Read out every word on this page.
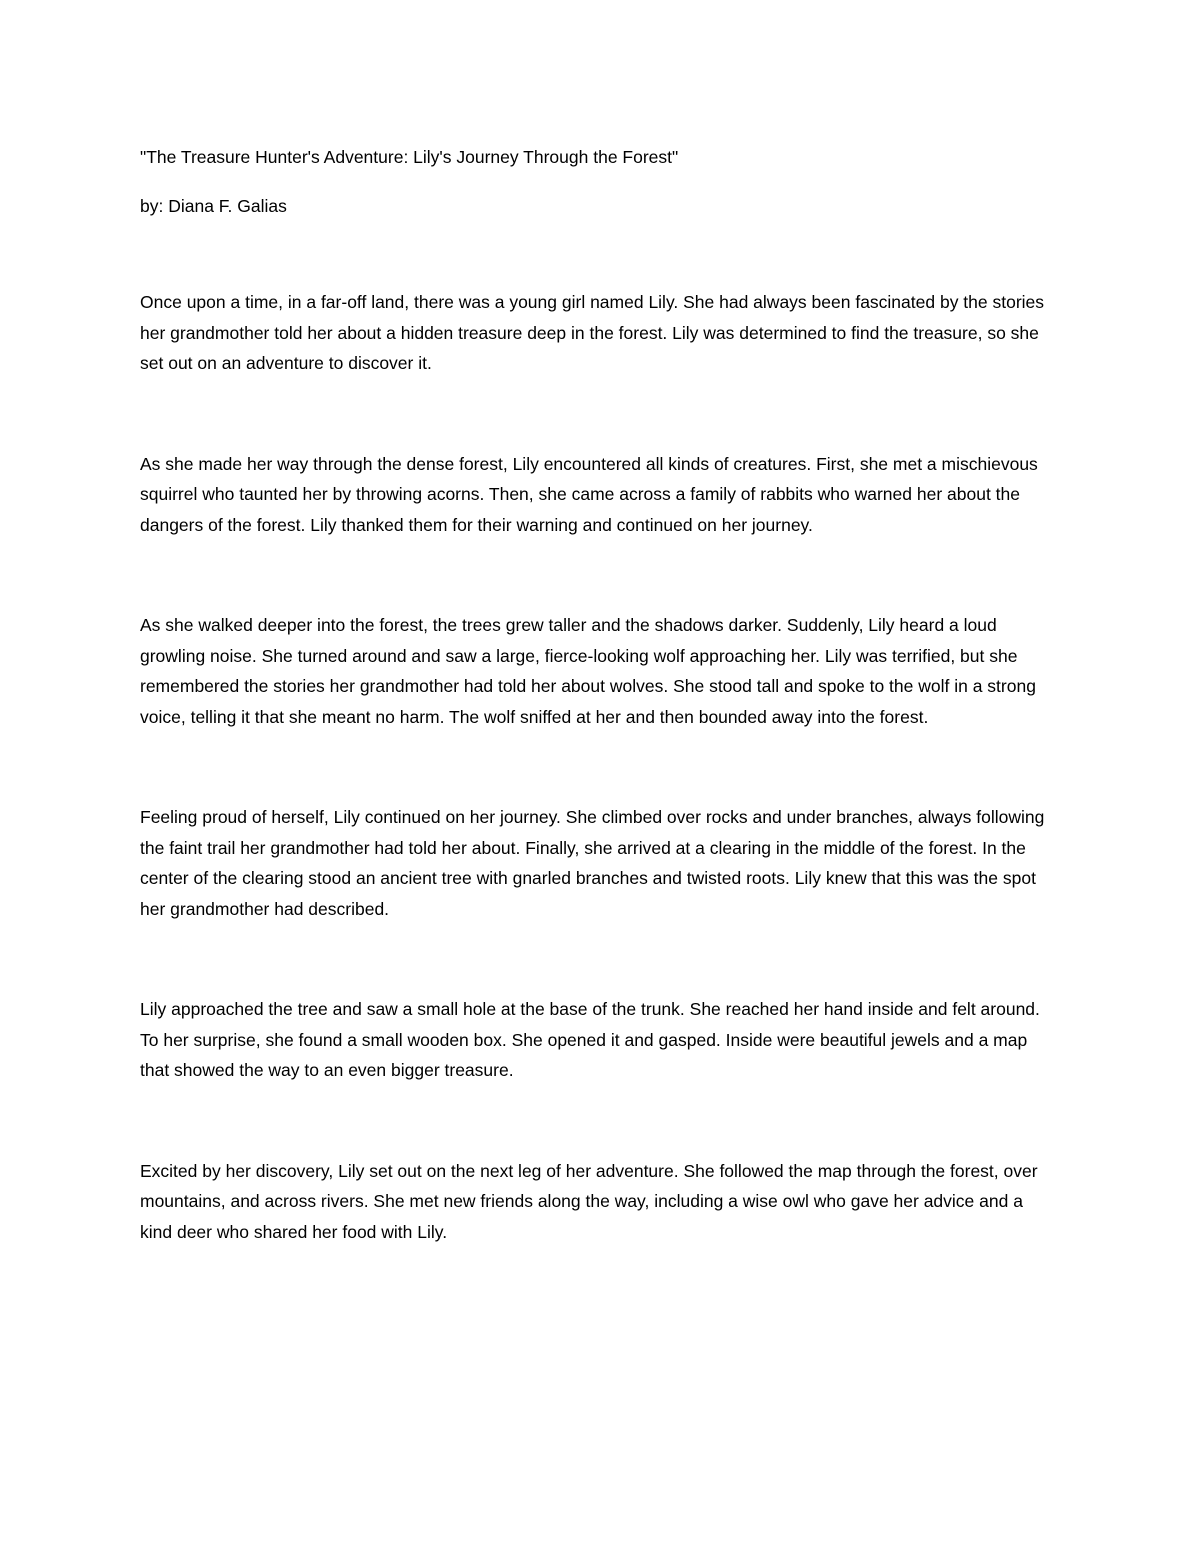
"The Treasure Hunter's Adventure: Lily's Journey Through the Forest"

by: Diana F. Galias

Once upon a time, in a far-off land, there was a young girl named Lily. She had always been fascinated by the stories her grandmother told her about a hidden treasure deep in the forest. Lily was determined to find the treasure, so she set out on an adventure to discover it.

As she made her way through the dense forest, Lily encountered all kinds of creatures. First, she met a mischievous squirrel who taunted her by throwing acorns. Then, she came across a family of rabbits who warned her about the dangers of the forest. Lily thanked them for their warning and continued on her journey.

As she walked deeper into the forest, the trees grew taller and the shadows darker. Suddenly, Lily heard a loud growling noise. She turned around and saw a large, fierce-looking wolf approaching her. Lily was terrified, but she remembered the stories her grandmother had told her about wolves. She stood tall and spoke to the wolf in a strong voice, telling it that she meant no harm. The wolf sniffed at her and then bounded away into the forest.

Feeling proud of herself, Lily continued on her journey. She climbed over rocks and under branches, always following the faint trail her grandmother had told her about. Finally, she arrived at a clearing in the middle of the forest. In the center of the clearing stood an ancient tree with gnarled branches and twisted roots. Lily knew that this was the spot her grandmother had described.

Lily approached the tree and saw a small hole at the base of the trunk. She reached her hand inside and felt around. To her surprise, she found a small wooden box. She opened it and gasped. Inside were beautiful jewels and a map that showed the way to an even bigger treasure.

Excited by her discovery, Lily set out on the next leg of her adventure. She followed the map through the forest, over mountains, and across rivers. She met new friends along the way, including a wise owl who gave her advice and a kind deer who shared her food with Lily.
